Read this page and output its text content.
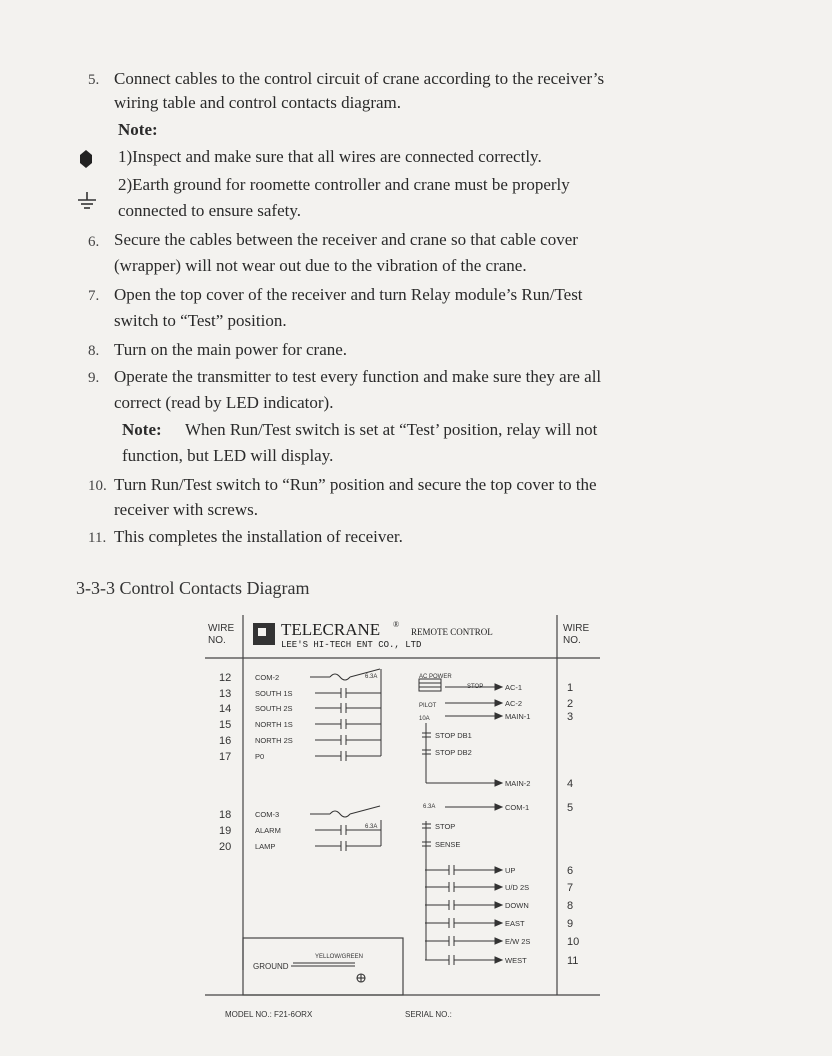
5. Connect cables to the control circuit of crane according to the receiver’s
wiring table and control contacts diagram.
Note:
1)Inspect and make sure that all wires are connected correctly.
2)Earth ground for roomette controller and crane must be properly
connected to ensure safety.
6. Secure the cables between the receiver and crane so that cable cover
(wrapper) will not wear out due to the vibration of the crane.
7. Open the top cover of the receiver and turn Relay module’s Run/Test
switch to “Test” position.
8. Turn on the main power for crane.
9. Operate the transmitter to test every function and make sure they are all
correct (read by LED indicator).
Note: When Run/Test switch is set at “Test’ position, relay will not
function, but LED will display.
10. Turn Run/Test switch to “Run” position and secure the top cover to the
receiver with screws.
11. This completes the installation of receiver.
3-3-3 Control Contacts Diagram
WIRE
NO.
WIRE
NO.
TELECRANE ®
REMOTE CONTROL
LEE'S HI-TECH ENT CO., LTD
12	COM-2
13	SOUTH 1S
14	SOUTH 2S
15	NORTH 1S
16	NORTH 2S
17	P0
18	COM-3
19	ALARM
20	LAMP
AC-1	1
AC-2	2
MAIN-1	3
STOP DB1
STOP DB2
MAIN-2	4
COM-1	5
STOP
SENSE
UP	6
U/D 2S	7
DOWN	8
EAST	9
E/W 2S	10
WEST	11
6.3A
6.3A
6.3A
AC POWER
STOP
PILOT
10A
GROUND
YELLOW/GREEN
MODEL NO.: F21-6ORX	SERIAL NO.:
